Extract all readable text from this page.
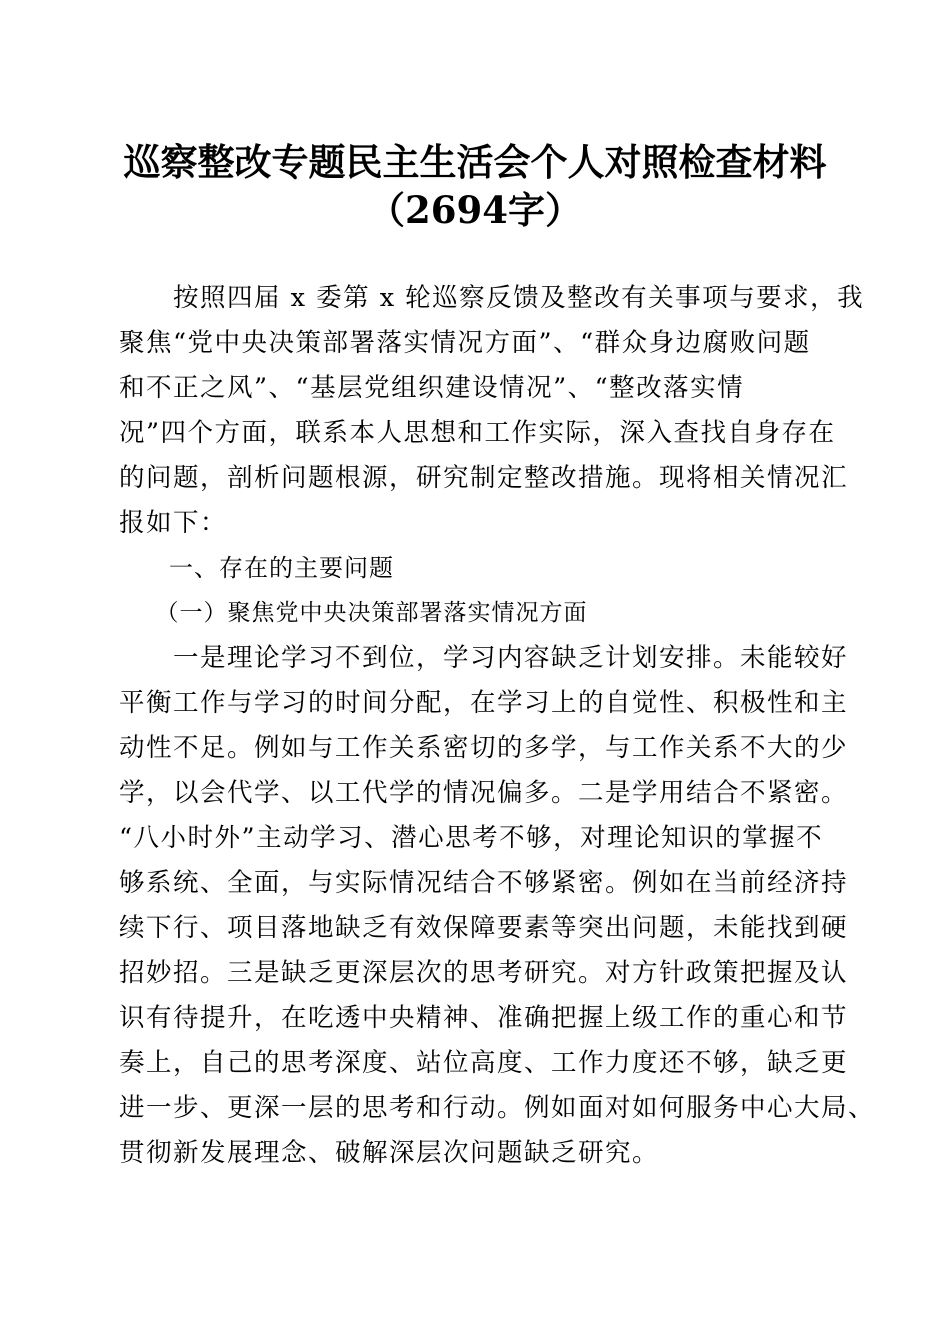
巡察整改专题民主生活会个人对照检查材料
（2694字）
　　按照四届 x 委第 x 轮巡察反馈及整改有关事项与要求，我
聚焦“党中央决策部署落实情况方面”、“群众身边腐败问题
和不正之风”、“基层党组织建设情况”、“整改落实情
况”四个方面，联系本人思想和工作实际，深入查找自身存在
的问题，剖析问题根源，研究制定整改措施。现将相关情况汇
报如下：
　　一、存在的主要问题
　　（一）聚焦党中央决策部署落实情况方面
　　一是理论学习不到位，学习内容缺乏计划安排。未能较好
平衡工作与学习的时间分配，在学习上的自觉性、积极性和主
动性不足。例如与工作关系密切的多学，与工作关系不大的少
学，以会代学、以工代学的情况偏多。二是学用结合不紧密。
“八小时外”主动学习、潜心思考不够，对理论知识的掌握不
够系统、全面，与实际情况结合不够紧密。例如在当前经济持
续下行、项目落地缺乏有效保障要素等突出问题，未能找到硬
招妙招。三是缺乏更深层次的思考研究。对方针政策把握及认
识有待提升，在吃透中央精神、准确把握上级工作的重心和节
奏上，自己的思考深度、站位高度、工作力度还不够，缺乏更
进一步、更深一层的思考和行动。例如面对如何服务中心大局、
贯彻新发展理念、破解深层次问题缺乏研究。
